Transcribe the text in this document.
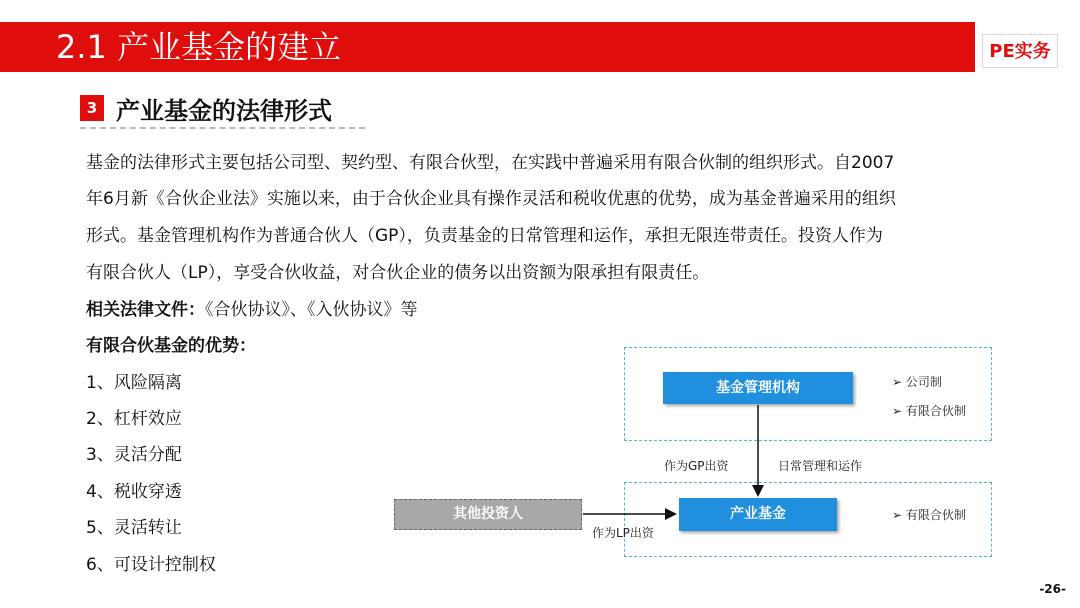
2.1 产业基金的建立	PE实务
3 产业基金的法律形式
基金的法律形式主要包括公司型、契约型、有限合伙型，在实践中普遍采用有限合伙制的组织形式。自2007
年6月新《合伙企业法》实施以来，由于合伙企业具有操作灵活和税收优惠的优势，成为基金普遍采用的组织
形式。基金管理机构作为普通合伙人（GP），负责基金的日常管理和运作，承担无限连带责任。投资人作为
有限合伙人（LP），享受合伙收益，对合伙企业的债务以出资额为限承担有限责任。
相关法律文件：《合伙协议》、《入伙协议》等
有限合伙基金的优势：
1、风险隔离
2、杠杆效应
3、灵活分配
4、税收穿透
5、灵活转让
6、可设计控制权
基金管理机构	➢ 公司制
➢ 有限合伙制
产业基金	➢ 有限合伙制
其他投资人
作为GP出资	日常管理和运作
作为LP出资
-26-
